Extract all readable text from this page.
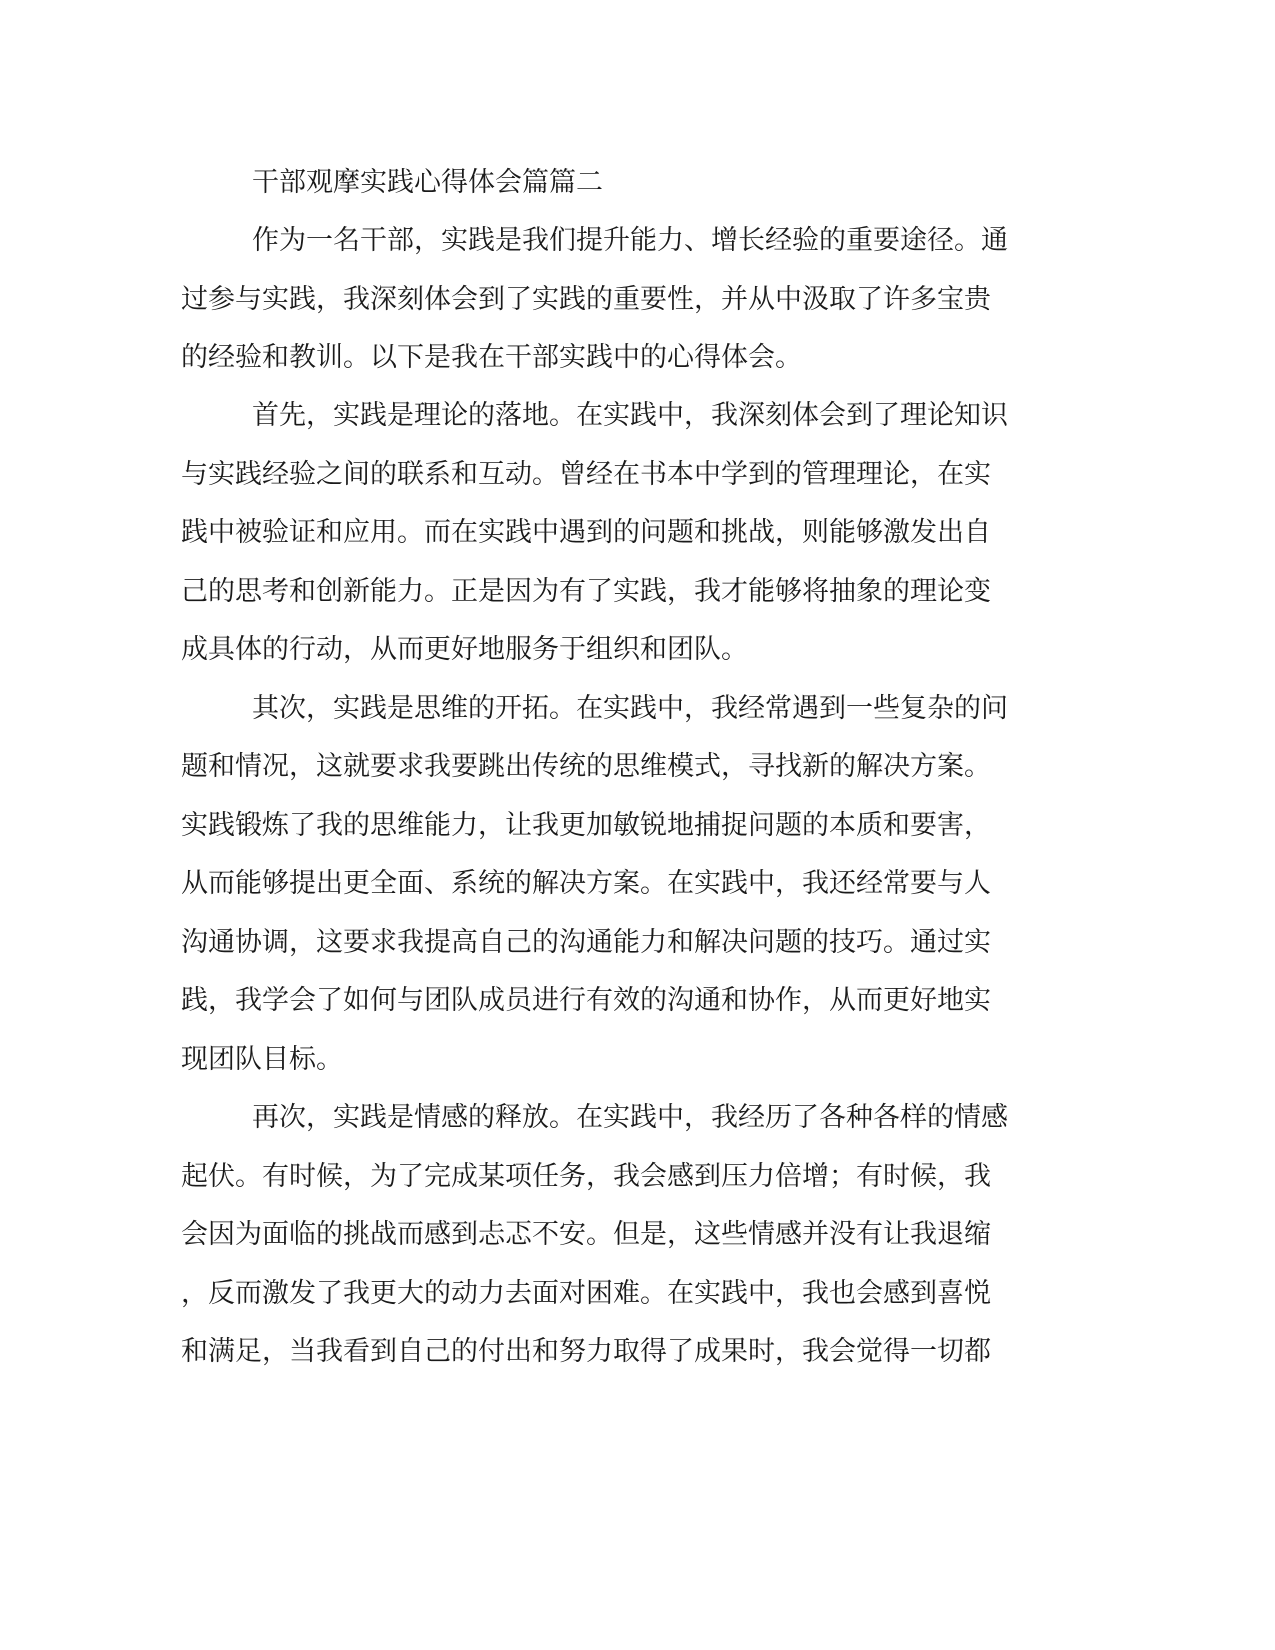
干部观摩实践心得体会篇篇二

作为一名干部，实践是我们提升能力、增长经验的重要途径。通

过参与实践，我深刻体会到了实践的重要性，并从中汲取了许多宝贵

的经验和教训。以下是我在干部实践中的心得体会。

首先，实践是理论的落地。在实践中，我深刻体会到了理论知识

与实践经验之间的联系和互动。曾经在书本中学到的管理理论，在实

践中被验证和应用。而在实践中遇到的问题和挑战，则能够激发出自

己的思考和创新能力。正是因为有了实践，我才能够将抽象的理论变

成具体的行动，从而更好地服务于组织和团队。

其次，实践是思维的开拓。在实践中，我经常遇到一些复杂的问

题和情况，这就要求我要跳出传统的思维模式，寻找新的解决方案。

实践锻炼了我的思维能力，让我更加敏锐地捕捉问题的本质和要害，

从而能够提出更全面、系统的解决方案。在实践中，我还经常要与人

沟通协调，这要求我提高自己的沟通能力和解决问题的技巧。通过实

践，我学会了如何与团队成员进行有效的沟通和协作，从而更好地实

现团队目标。

再次，实践是情感的释放。在实践中，我经历了各种各样的情感

起伏。有时候，为了完成某项任务，我会感到压力倍增；有时候，我

会因为面临的挑战而感到忐忑不安。但是，这些情感并没有让我退缩

，反而激发了我更大的动力去面对困难。在实践中，我也会感到喜悦

和满足，当我看到自己的付出和努力取得了成果时，我会觉得一切都
